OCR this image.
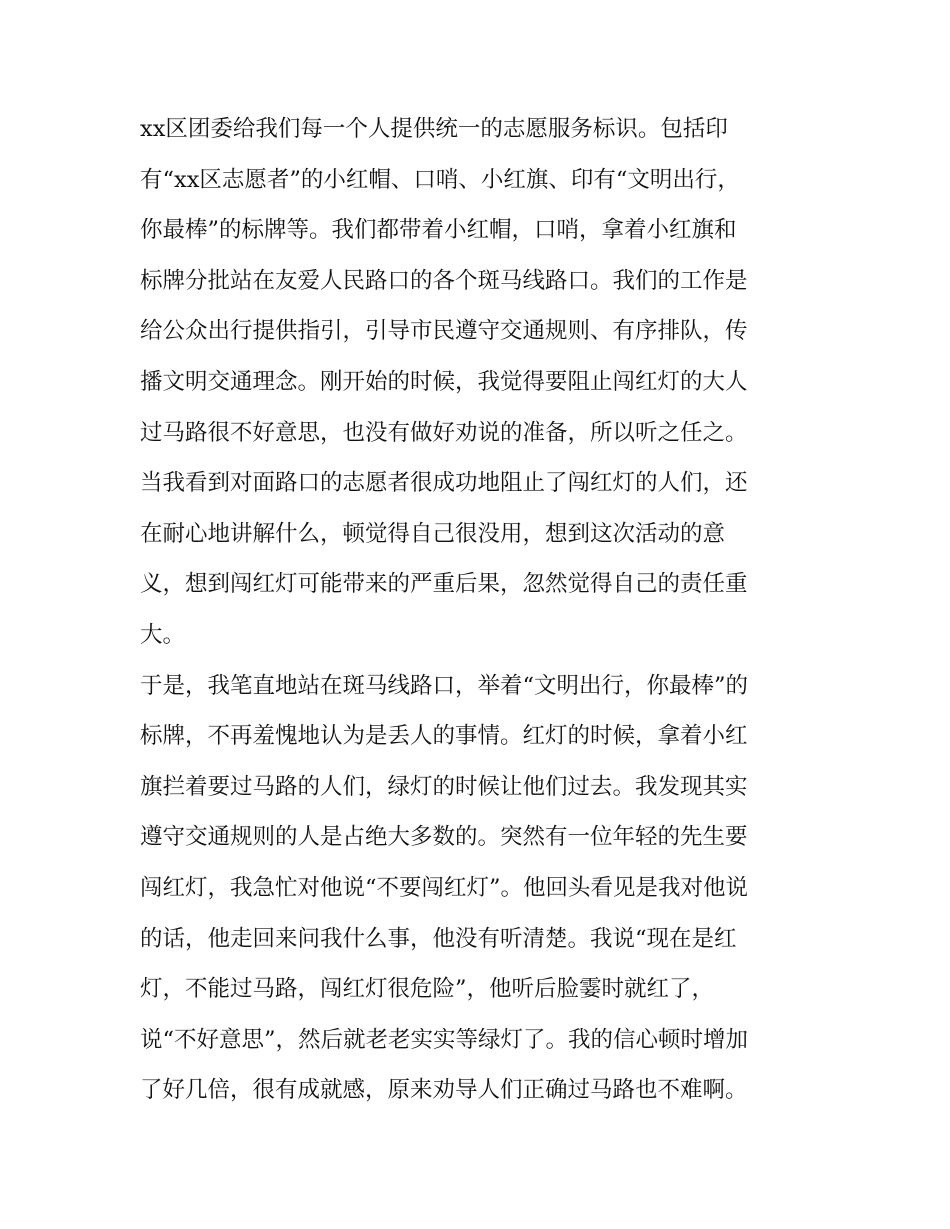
xx区团委给我们每一个人提供统一的志愿服务标识。包括印
有“xx区志愿者”的小红帽、口哨、小红旗、印有“文明出行，
你最棒”的标牌等。我们都带着小红帽，口哨，拿着小红旗和
标牌分批站在友爱人民路口的各个斑马线路口。我们的工作是
给公众出行提供指引，引导市民遵守交通规则、有序排队，传
播文明交通理念。刚开始的时候，我觉得要阻止闯红灯的大人
过马路很不好意思，也没有做好劝说的准备，所以听之任之。
当我看到对面路口的志愿者很成功地阻止了闯红灯的人们，还
在耐心地讲解什么，顿觉得自己很没用，想到这次活动的意
义，想到闯红灯可能带来的严重后果，忽然觉得自己的责任重
大。
于是，我笔直地站在斑马线路口，举着“文明出行，你最棒”的
标牌，不再羞愧地认为是丢人的事情。红灯的时候，拿着小红
旗拦着要过马路的人们，绿灯的时候让他们过去。我发现其实
遵守交通规则的人是占绝大多数的。突然有一位年轻的先生要
闯红灯，我急忙对他说“不要闯红灯”。他回头看见是我对他说
的话，他走回来问我什么事，他没有听清楚。我说“现在是红
灯，不能过马路，闯红灯很危险”，他听后脸霎时就红了，
说“不好意思”，然后就老老实实等绿灯了。我的信心顿时增加
了好几倍，很有成就感，原来劝导人们正确过马路也不难啊。
